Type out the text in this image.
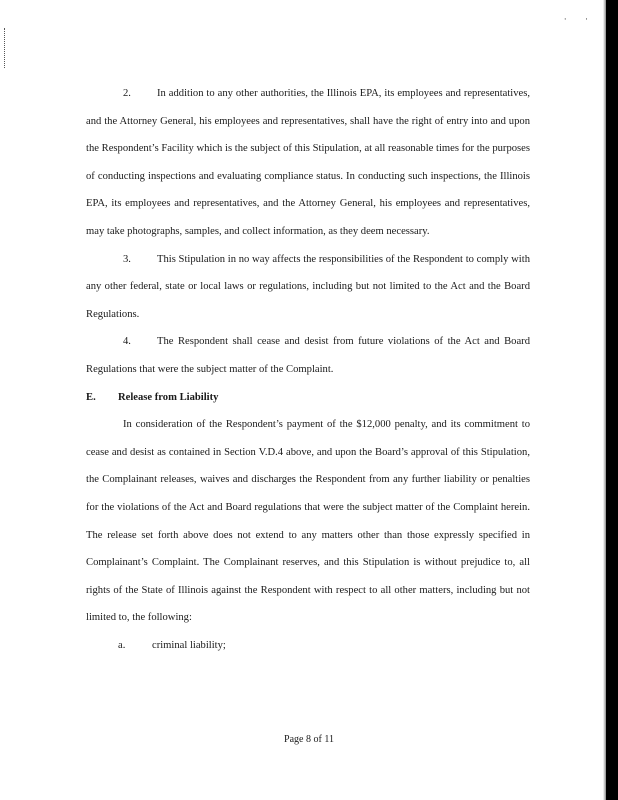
· ·

2. In addition to any other authorities, the Illinois EPA, its employees and representatives, and the Attorney General, his employees and representatives, shall have the right of entry into and upon the Respondent’s Facility which is the subject of this Stipulation, at all reasonable times for the purposes of conducting inspections and evaluating compliance status. In conducting such inspections, the Illinois EPA, its employees and representatives, and the Attorney General, his employees and representatives, may take photographs, samples, and collect information, as they deem necessary.

3. This Stipulation in no way affects the responsibilities of the Respondent to comply with any other federal, state or local laws or regulations, including but not limited to the Act and the Board Regulations.

4. The Respondent shall cease and desist from future violations of the Act and Board Regulations that were the subject matter of the Complaint.

E. Release from Liability

In consideration of the Respondent’s payment of the $12,000 penalty, and its commitment to cease and desist as contained in Section V.D.4 above, and upon the Board’s approval of this Stipulation, the Complainant releases, waives and discharges the Respondent from any further liability or penalties for the violations of the Act and Board regulations that were the subject matter of the Complaint herein. The release set forth above does not extend to any matters other than those expressly specified in Complainant’s Complaint. The Complainant reserves, and this Stipulation is without prejudice to, all rights of the State of Illinois against the Respondent with respect to all other matters, including but not limited to, the following:

a.	criminal liability;

Page 8 of 11
